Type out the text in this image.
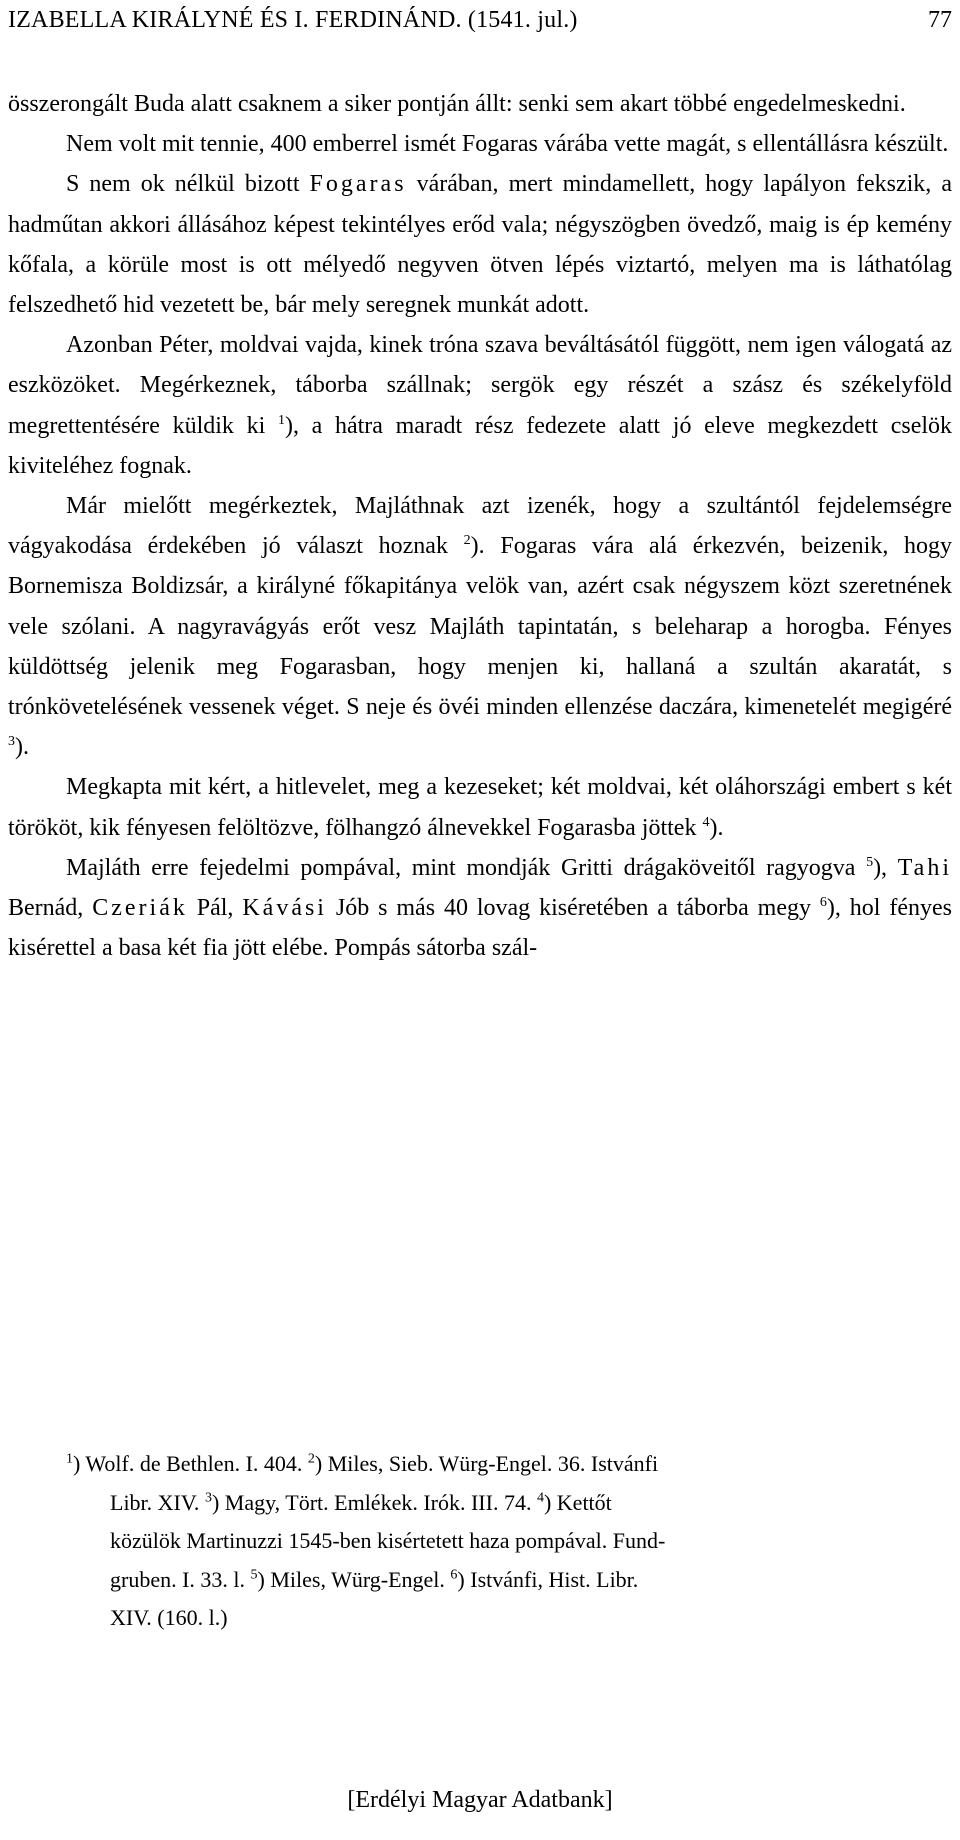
IZABELLA KIRÁLYNÉ ÉS I. FERDINÁND. (1541. jul.)	77

összerongált Buda alatt csaknem a siker pontján állt: senki sem akart többé engedelmeskedni.

Nem volt mit tennie, 400 emberrel ismét Fogaras várába vette magát, s ellentállásra készült.

S nem ok nélkül bizott Fogaras várában, mert mindamellett, hogy lapályon fekszik, a hadműtan akkori állásához képest tekintélyes erőd vala; négyszögben övedző, maig is ép kemény kőfala, a körüle most is ott mélyedő negyven ötven lépés viztartó, melyen ma is láthatólag felszedhető hid vezetett be, bár mely seregnek munkát adott.

Azonban Péter, moldvai vajda, kinek tróna szava beváltásától függött, nem igen válogatá az eszközöket. Megérkeznek, táborba szállnak; sergök egy részét a szász és székelyföld megrettentésére küldik ki $^1$), a hátra maradt rész fedezete alatt jó eleve megkezdett cselök kiviteléhez fognak.

Már mielőtt megérkeztek, Majláthnak azt izenék, hogy a szultántól fejdelemségre vágyakodása érdekében jó választ hoznak $^2$). Fogaras vára alá érkezvén, beizenik, hogy Bornemisza Boldizsár, a királyné főkapitánya velök van, azért csak négyszem közt szeretnének vele szólani. A nagyravágyás erőt vesz Majláth tapintatán, s beleharap a horogba. Fényes küldöttség jelenik meg Fogarasban, hogy menjen ki, hallaná a szultán akaratát, s trónkövetelésének vessenek véget. S neje és övéi minden ellenzése daczára, kimenetelét megigéré $^3$).

Megkapta mit kért, a hitlevelet, meg a kezeseket; két moldvai, két oláhországi embert s két törököt, kik fényesen felöltözve, fölhangzó álnevekkel Fogarasba jöttek $^4$).

Majláth erre fejedelmi pompával, mint mondják Gritti drágaköveitől ragyogva $^5$), Tahi Bernád, Czeriák Pál, Kávási Jób s más 40 lovag kiséretében a táborba megy $^6$), hol fényes kisérettel a basa két fia jött elébe. Pompás sátorba szál-

$^1$) Wolf. de Bethlen. I. 404. $^2$) Miles, Sieb. Würg-Engel. 36. Istvánfi
Libr. XIV. $^3$) Magy, Tört. Emlékek. Irók. III. 74. $^4$) Kettőt
közülök Martinuzzi 1545-ben kisértetett haza pompával. Fund-
gruben. I. 33. l. $^5$) Miles, Würg-Engel. $^6$) Istvánfi, Hist. Libr.
XIV. (160. l.)
[Erdélyi Magyar Adatbank]
